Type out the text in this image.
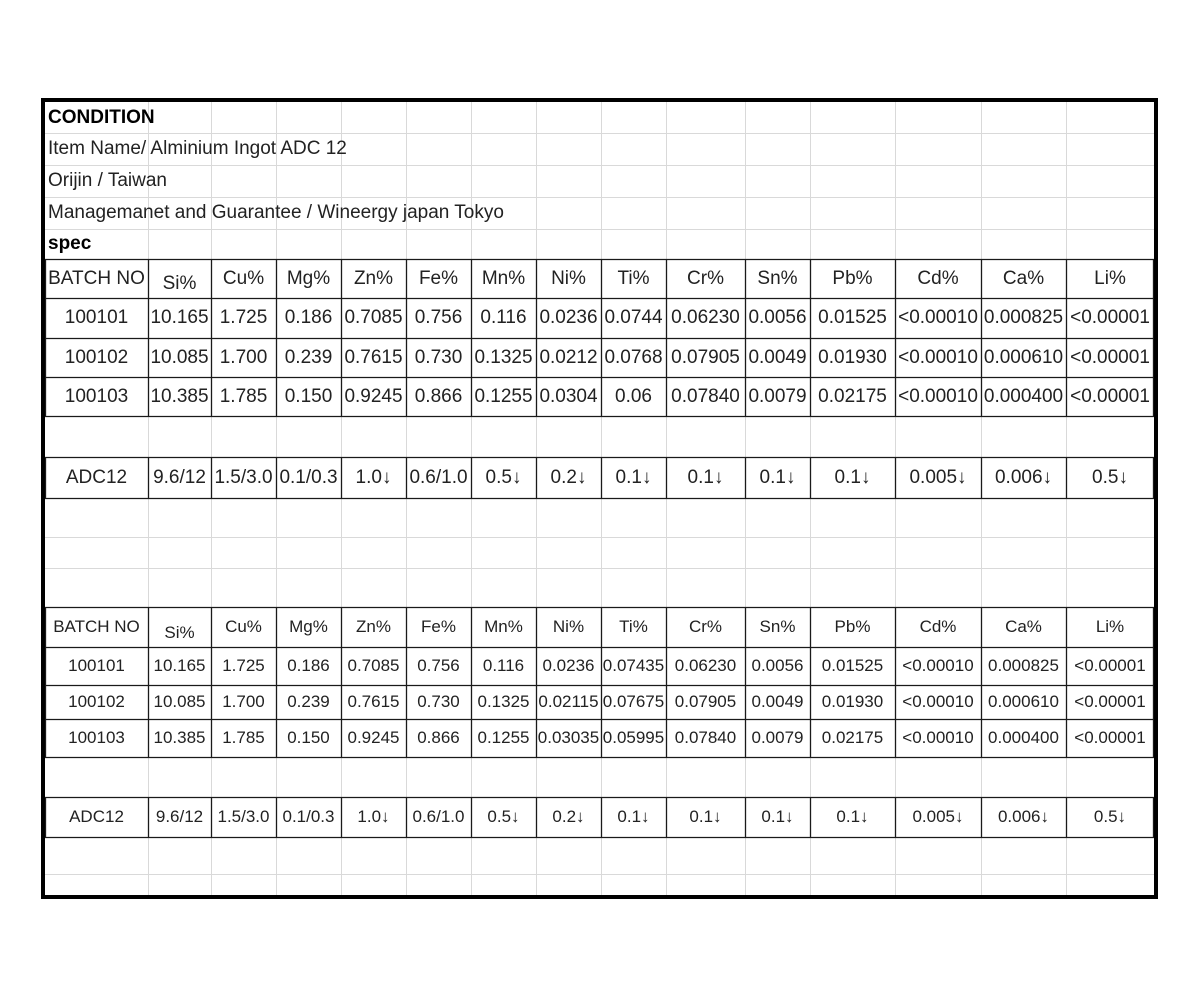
CONDITION
Item Name/ Alminium Ingot ADC 12
Orijin / Taiwan
Managemanet and Guarantee / Wineergy japan Tokyo
spec
BATCH NO Si%	Cu%	Mg%	Zn%	Fe%	Mn%	Ni%	Ti%	Cr%	Sn%	Pb%	Cd%	Ca%	Li%
100101	10.165 1.725 0.186 0.7085 0.756 0.116 0.0236 0.0744 0.06230 0.0056 0.01525 <0.00010 0.000825 <0.00001
100102	10.085 1.700 0.239 0.7615 0.730 0.1325 0.0212 0.0768 0.07905 0.0049 0.01930 <0.00010 0.000610 <0.00001
100103	10.385 1.785 0.150 0.9245 0.866 0.1255 0.0304 0.06	0.07840 0.0079 0.02175 <0.00010 0.000400 <0.00001
ADC12	9.6/12 1.5/3.0 0.1/0.3 1.0↓ 0.6/1.0 0.5↓	0.2↓	0.1↓	0.1↓	0.1↓	0.1↓	0.005↓	0.006↓	0.5↓
BATCH NO	Si%	Cu%	Mg%	Zn%	Fe%	Mn%	Ni%	Ti%	Cr%	Sn%	Pb%	Cd%	Ca%	Li%
100101	10.165 1.725	0.186	0.7085	0.756	0.116	0.0236 0.07435 0.06230 0.0056	0.01525	<0.00010 0.000825 <0.00001
100102	10.085 1.700	0.239	0.7615	0.730	0.1325 0.02115 0.07675 0.07905 0.0049	0.01930	<0.00010 0.000610 <0.00001
100103	10.385 1.785	0.150	0.9245	0.866	0.1255 0.03035 0.05995 0.07840 0.0079	0.02175	<0.00010 0.000400 <0.00001
ADC12	9.6/12 1.5/3.0 0.1/0.3	1.0↓	0.6/1.0	0.5↓	0.2↓	0.1↓	0.1↓	0.1↓	0.1↓	0.005↓	0.006↓	0.5↓
